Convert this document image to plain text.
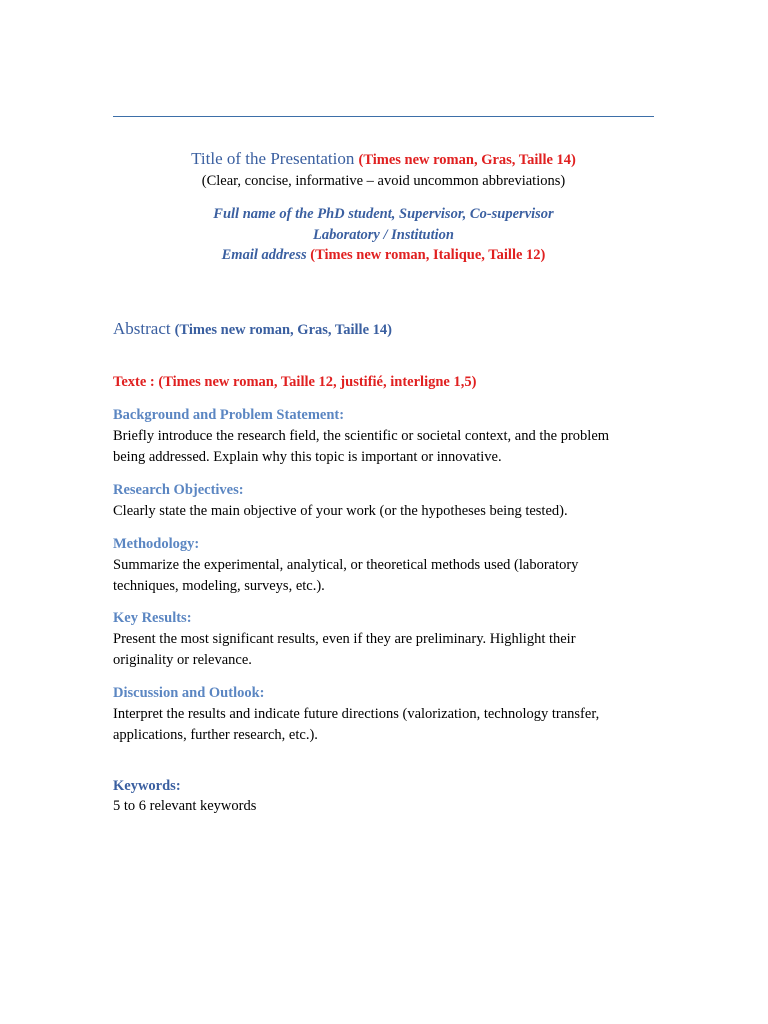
Title of the Presentation (Times new roman, Gras, Taille 14)
(Clear, concise, informative – avoid uncommon abbreviations)
Full name of the PhD student, Supervisor, Co-supervisor
Laboratory / Institution
Email address (Times new roman, Italique, Taille 12)
Abstract (Times new roman, Gras, Taille 14)
Texte : (Times new roman, Taille 12, justifié, interligne 1,5)
Background and Problem Statement:
Briefly introduce the research field, the scientific or societal context, and the problem
being addressed. Explain why this topic is important or innovative.
Research Objectives:
Clearly state the main objective of your work (or the hypotheses being tested).
Methodology:
Summarize the experimental, analytical, or theoretical methods used (laboratory
techniques, modeling, surveys, etc.).
Key Results:
Present the most significant results, even if they are preliminary. Highlight their
originality or relevance.
Discussion and Outlook:
Interpret the results and indicate future directions (valorization, technology transfer,
applications, further research, etc.).
Keywords:
5 to 6 relevant keywords
